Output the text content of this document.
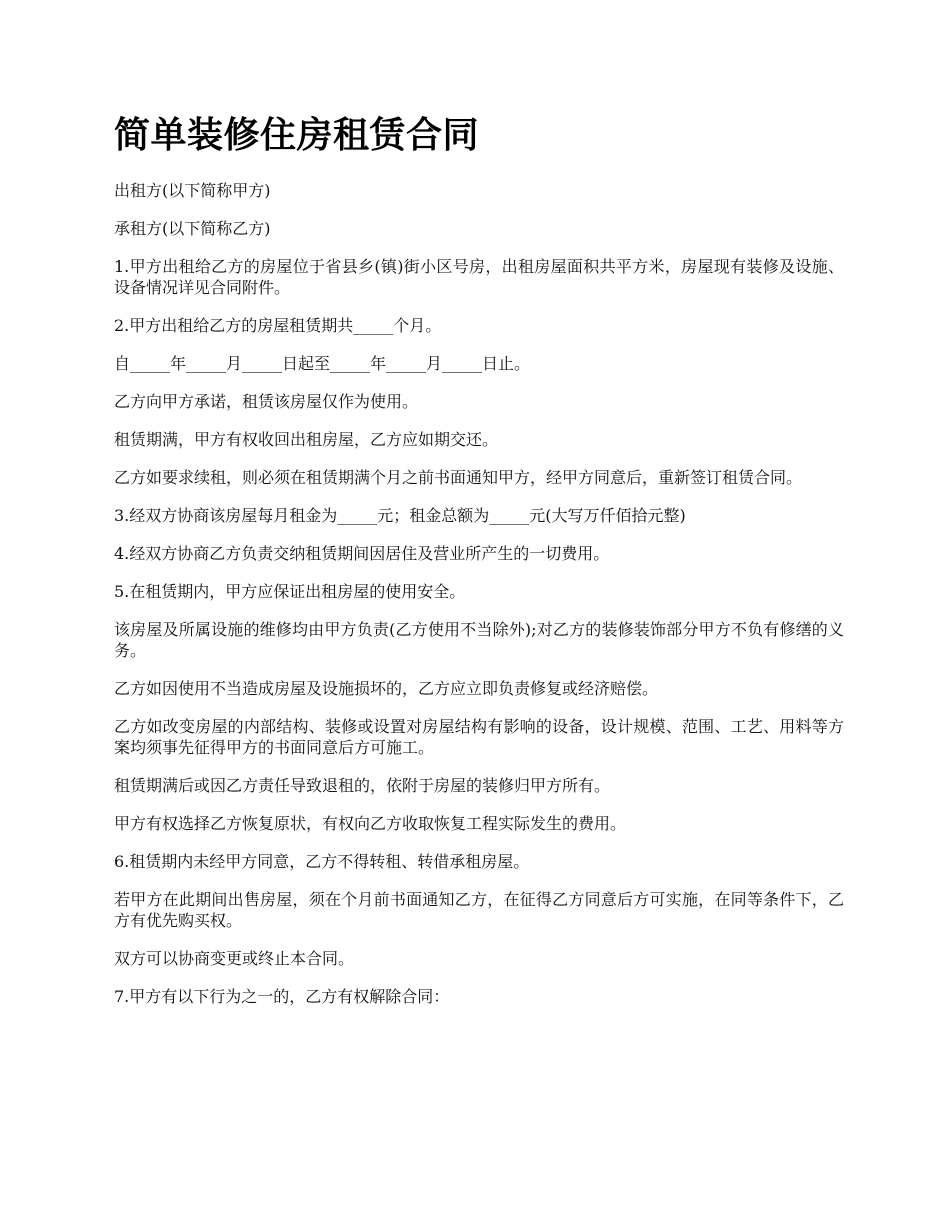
简单装修住房租赁合同

出租方(以下简称甲方)

承租方(以下简称乙方)

1.甲方出租给乙方的房屋位于省县乡(镇)街小区号房，出租房屋面积共平方米，房屋现有装修及设施、设备情况详见合同附件。

2.甲方出租给乙方的房屋租赁期共_____个月。

自_____年_____月_____日起至_____年_____月_____日止。

乙方向甲方承诺，租赁该房屋仅作为使用。

租赁期满，甲方有权收回出租房屋，乙方应如期交还。

乙方如要求续租，则必须在租赁期满个月之前书面通知甲方，经甲方同意后，重新签订租赁合同。

3.经双方协商该房屋每月租金为_____元；租金总额为_____元(大写万仟佰拾元整)

4.经双方协商乙方负责交纳租赁期间因居住及营业所产生的一切费用。

5.在租赁期内，甲方应保证出租房屋的使用安全。

该房屋及所属设施的维修均由甲方负责(乙方使用不当除外);对乙方的装修装饰部分甲方不负有修缮的义务。

乙方如因使用不当造成房屋及设施损坏的，乙方应立即负责修复或经济赔偿。

乙方如改变房屋的内部结构、装修或设置对房屋结构有影响的设备，设计规模、范围、工艺、用料等方案均须事先征得甲方的书面同意后方可施工。

租赁期满后或因乙方责任导致退租的，依附于房屋的装修归甲方所有。

甲方有权选择乙方恢复原状，有权向乙方收取恢复工程实际发生的费用。

6.租赁期内未经甲方同意，乙方不得转租、转借承租房屋。

若甲方在此期间出售房屋，须在个月前书面通知乙方，在征得乙方同意后方可实施，在同等条件下，乙方有优先购买权。

双方可以协商变更或终止本合同。

7.甲方有以下行为之一的，乙方有权解除合同：
